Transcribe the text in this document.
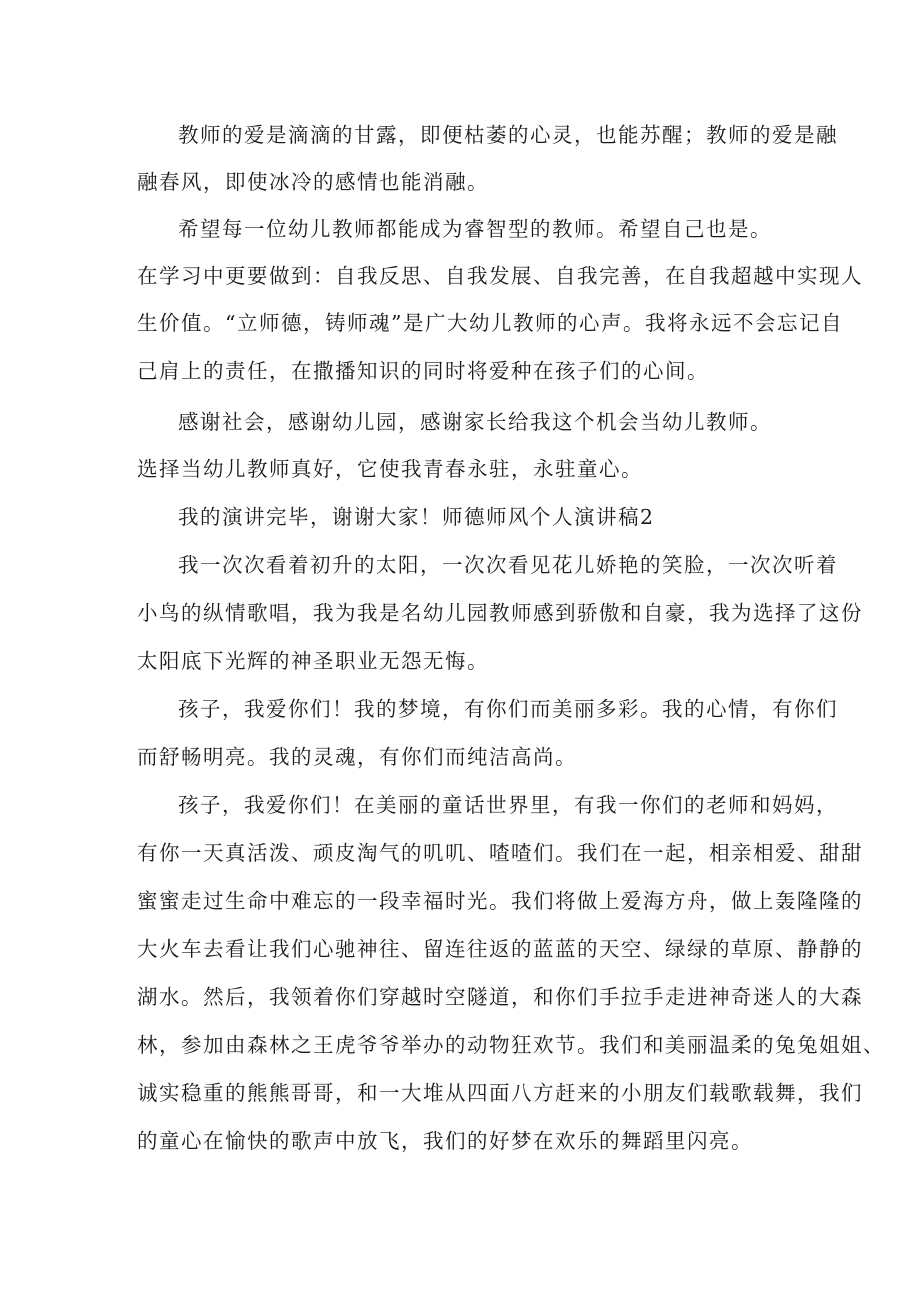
教师的爱是滴滴的甘露，即便枯萎的心灵，也能苏醒；教师的爱是融
融春风，即使冰冷的感情也能消融。
希望每一位幼儿教师都能成为睿智型的教师。希望自己也是。
在学习中更要做到：自我反思、自我发展、自我完善，在自我超越中实现人
生价值。“立师德，铸师魂”是广大幼儿教师的心声。我将永远不会忘记自
己肩上的责任，在撒播知识的同时将爱种在孩子们的心间。
感谢社会，感谢幼儿园，感谢家长给我这个机会当幼儿教师。
选择当幼儿教师真好，它使我青春永驻，永驻童心。
我的演讲完毕，谢谢大家！师德师风个人演讲稿2
我一次次看着初升的太阳，一次次看见花儿娇艳的笑脸，一次次听着
小鸟的纵情歌唱，我为我是名幼儿园教师感到骄傲和自豪，我为选择了这份
太阳底下光辉的神圣职业无怨无悔。
孩子，我爱你们！我的梦境，有你们而美丽多彩。我的心情，有你们
而舒畅明亮。我的灵魂，有你们而纯洁高尚。
孩子，我爱你们！在美丽的童话世界里，有我一你们的老师和妈妈，
有你一天真活泼、顽皮淘气的叽叽、喳喳们。我们在一起，相亲相爱、甜甜
蜜蜜走过生命中难忘的一段幸福时光。我们将做上爱海方舟，做上轰隆隆的
大火车去看让我们心驰神往、留连往返的蓝蓝的天空、绿绿的草原、静静的
湖水。然后，我领着你们穿越时空隧道，和你们手拉手走进神奇迷人的大森
林，参加由森林之王虎爷爷举办的动物狂欢节。我们和美丽温柔的兔兔姐姐、
诚实稳重的熊熊哥哥，和一大堆从四面八方赶来的小朋友们载歌载舞，我们
的童心在愉快的歌声中放飞，我们的好梦在欢乐的舞蹈里闪亮。
